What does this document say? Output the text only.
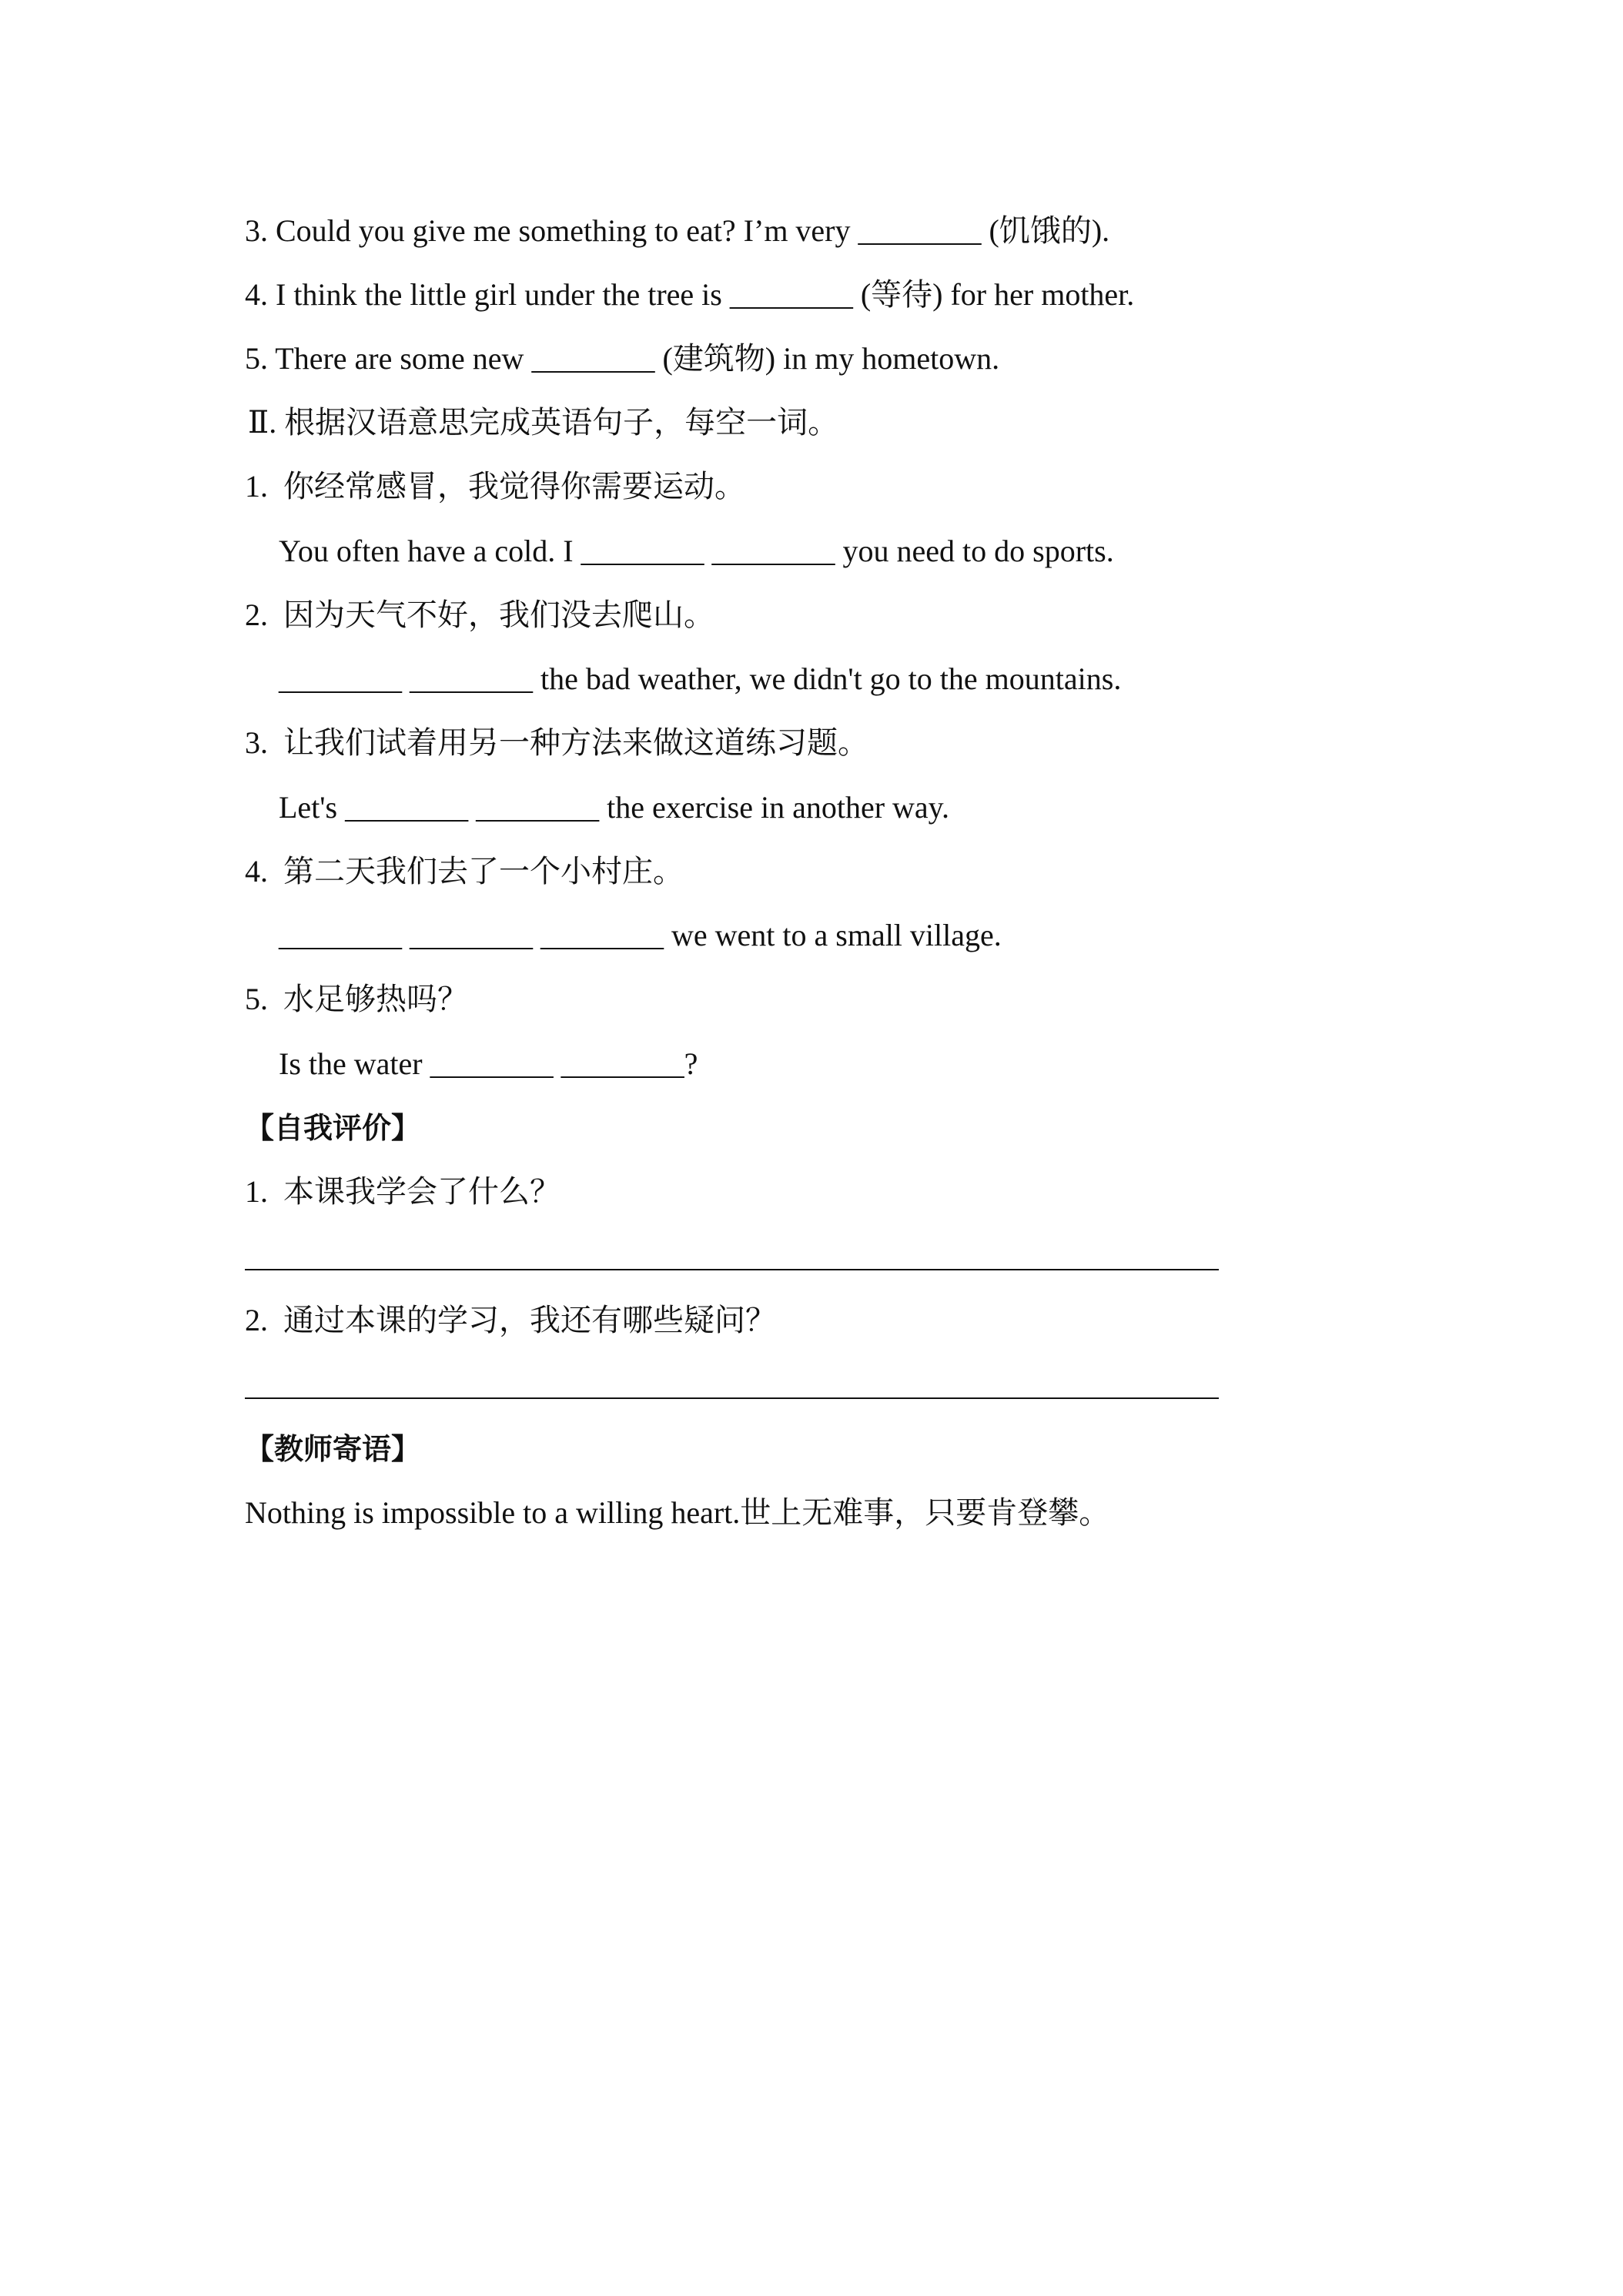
3. Could you give me something to eat? I’m very ________ (饥饿的).
4. I think the little girl under the tree is ________ (等待) for her mother.
5. There are some new ________ (建筑物) in my hometown.
Ⅱ. 根据汉语意思完成英语句子，每空一词。
1.  你经常感冒，我觉得你需要运动。
You often have a cold. I ________ ________ you need to do sports.
2.  因为天气不好，我们没去爬山。
________ ________ the bad weather, we didn't go to the mountains.
3.  让我们试着用另一种方法来做这道练习题。
Let's ________ ________ the exercise in another way.
4.  第二天我们去了一个小村庄。
________ ________ ________ we went to a small village.
5.  水足够热吗？
Is the water ________ ________?
【自我评价】
1.  本课我学会了什么？
2.  通过本课的学习，我还有哪些疑问？
【教师寄语】
Nothing is impossible to a willing heart.世上无难事，只要肯登攀。
